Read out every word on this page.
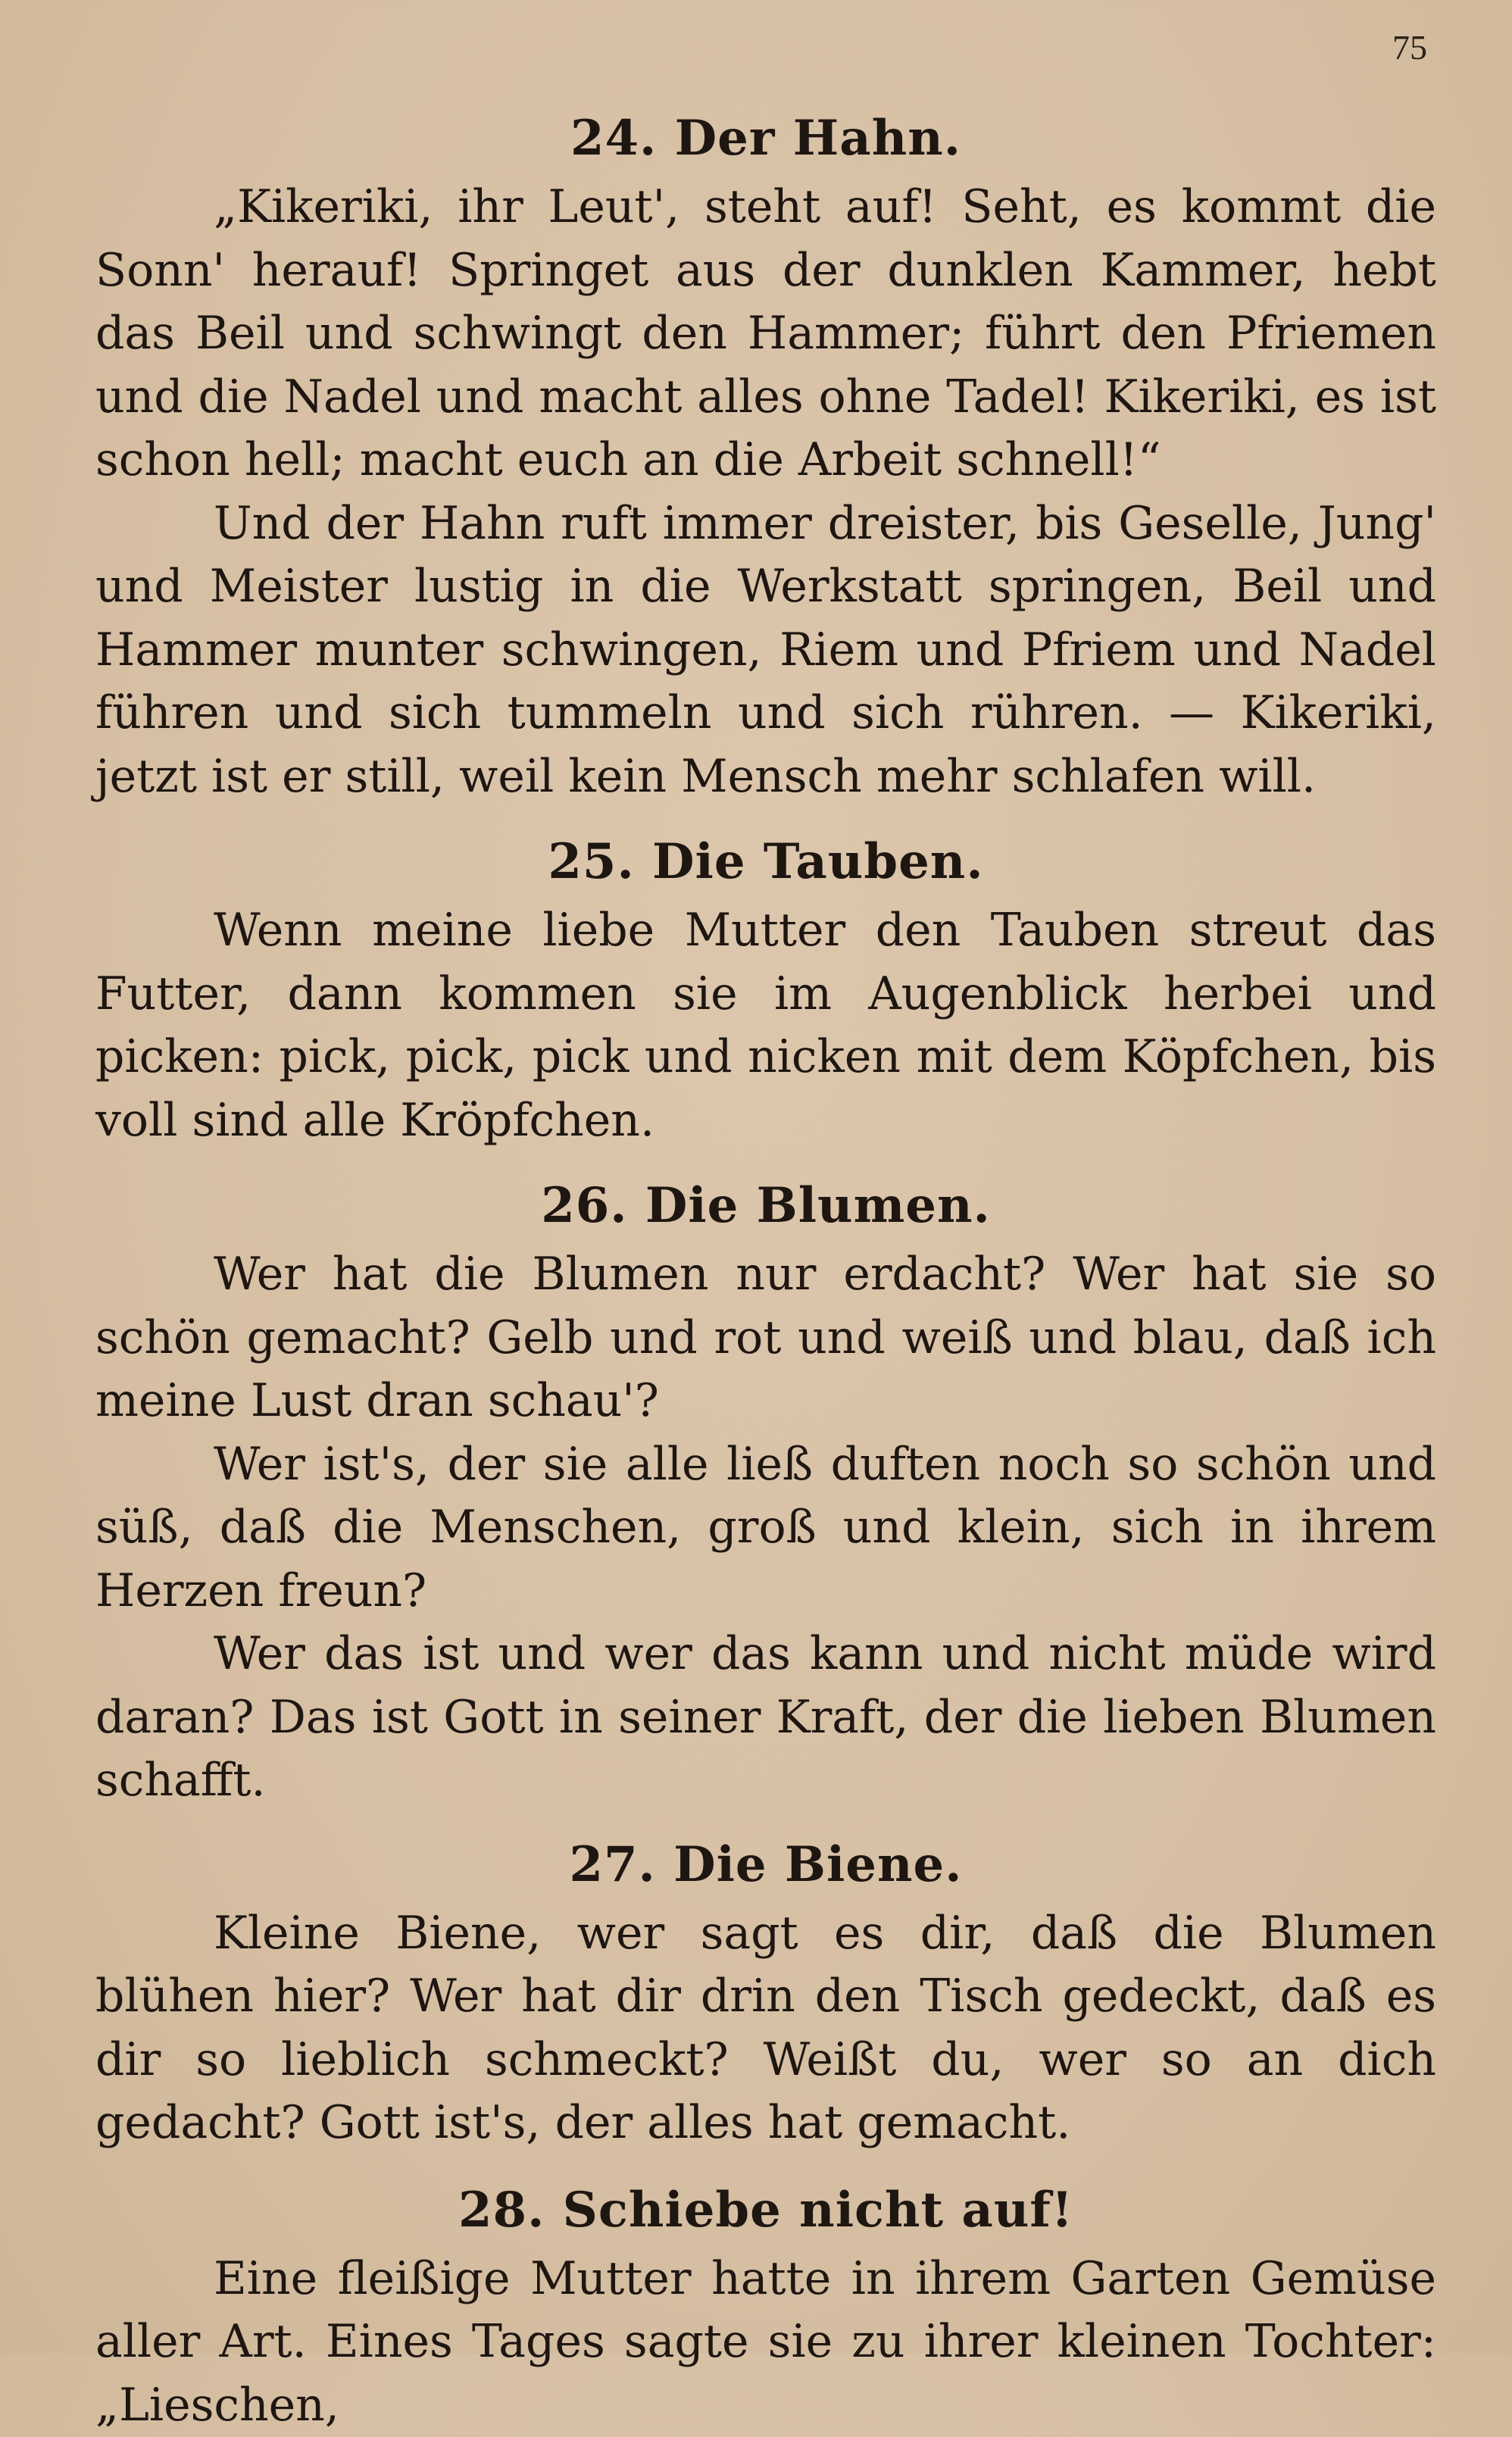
75
24. Der Hahn.

„Kikeriki, ihr Leut', steht auf! Seht, es kommt die Sonn' herauf! Springet aus der dunklen Kammer, hebt das Beil und schwingt den Hammer; führt den Pfriemen und die Nadel und macht alles ohne Tadel! Kikeriki, es ist schon hell; macht euch an die Arbeit schnell!“

Und der Hahn ruft immer dreister, bis Geselle, Jung' und Meister lustig in die Werkstatt springen, Beil und Hammer munter schwingen, Riem und Pfriem und Nadel führen und sich tummeln und sich rühren. — Kikeriki, jetzt ist er still, weil kein Mensch mehr schlafen will.

25. Die Tauben.

Wenn meine liebe Mutter den Tauben streut das Futter, dann kommen sie im Augenblick herbei und picken: pick, pick, pick und nicken mit dem Köpfchen, bis voll sind alle Kröpfchen.

26. Die Blumen.

Wer hat die Blumen nur erdacht? Wer hat sie so schön gemacht? Gelb und rot und weiß und blau, daß ich meine Lust dran schau'?

Wer ist's, der sie alle ließ duften noch so schön und süß, daß die Menschen, groß und klein, sich in ihrem Herzen freun?

Wer das ist und wer das kann und nicht müde wird daran? Das ist Gott in seiner Kraft, der die lieben Blumen schafft.

27. Die Biene.

Kleine Biene, wer sagt es dir, daß die Blumen blühen hier? Wer hat dir drin den Tisch gedeckt, daß es dir so lieblich schmeckt? Weißt du, wer so an dich gedacht? Gott ist's, der alles hat gemacht.

28. Schiebe nicht auf!

Eine fleißige Mutter hatte in ihrem Garten Gemüse aller Art. Eines Tages sagte sie zu ihrer kleinen Tochter: „Lieschen,
